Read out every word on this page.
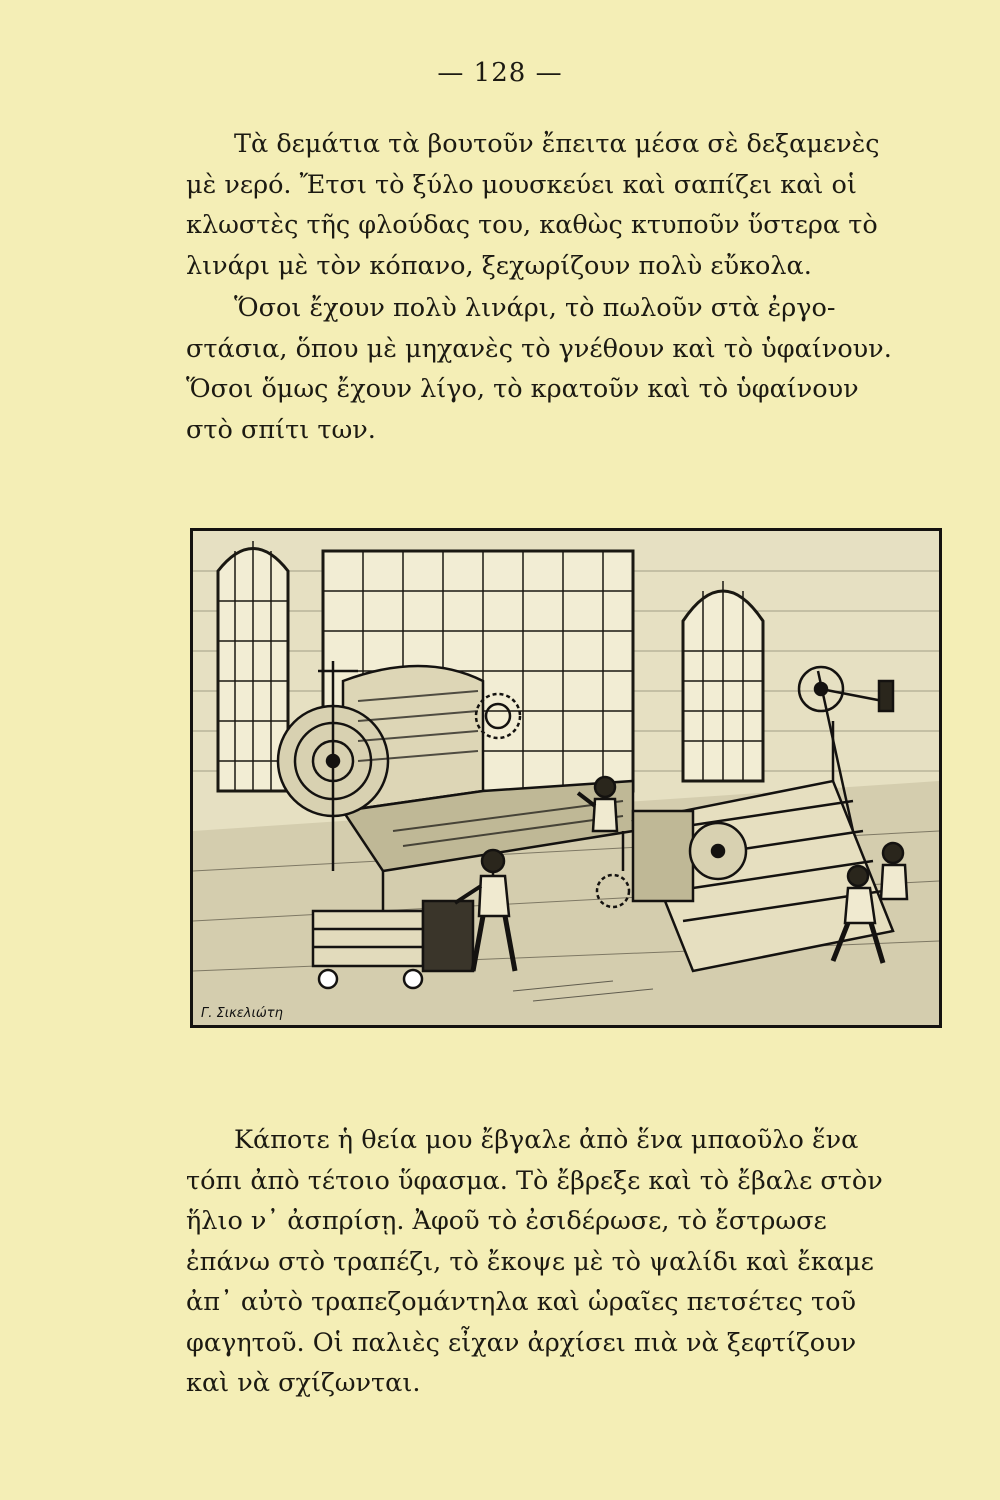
— 128 —

Τὰ δεμάτια τὰ βουτοῦν ἔπειτα μέσα σὲ δεξαμενὲς
μὲ νερό. Ἔτσι τὸ ξύλο μουσκεύει καὶ σαπίζει καὶ οἱ
κλωστὲς τῆς φλούδας του, καθὼς κτυποῦν ὕστερα τὸ
λινάρι μὲ τὸν κόπανο, ξεχωρίζουν πολὺ εὔκολα.

Ὅσοι ἔχουν πολὺ λινάρι, τὸ πωλοῦν στὰ ἐργο-
στάσια, ὅπου μὲ μηχανὲς τὸ γνέθουν καὶ τὸ ὑφαίνουν.
Ὅσοι ὅμως ἔχουν λίγο, τὸ κρατοῦν καὶ τὸ ὑφαίνουν
στὸ σπίτι των.

Γ. Σικελιώτη

Κάποτε ἡ θεία μου ἔβγαλε ἀπὸ ἕνα μπαοῦλο ἕνα
τόπι ἀπὸ τέτοιο ὕφασμα. Τὸ ἔβρεξε καὶ τὸ ἔβαλε στὸν
ἥλιο ν᾿ ἀσπρίσῃ. Ἀφοῦ τὸ ἐσιδέρωσε, τὸ ἔστρωσε
ἐπάνω στὸ τραπέζι, τὸ ἔκοψε μὲ τὸ ψαλίδι καὶ ἔκαμε
ἀπ᾿ αὐτὸ τραπεζομάντηλα καὶ ὡραῖες πετσέτες τοῦ
φαγητοῦ. Οἱ παλιὲς εἶχαν ἀρχίσει πιὰ νὰ ξεφτίζουν
καὶ νὰ σχίζωνται.
